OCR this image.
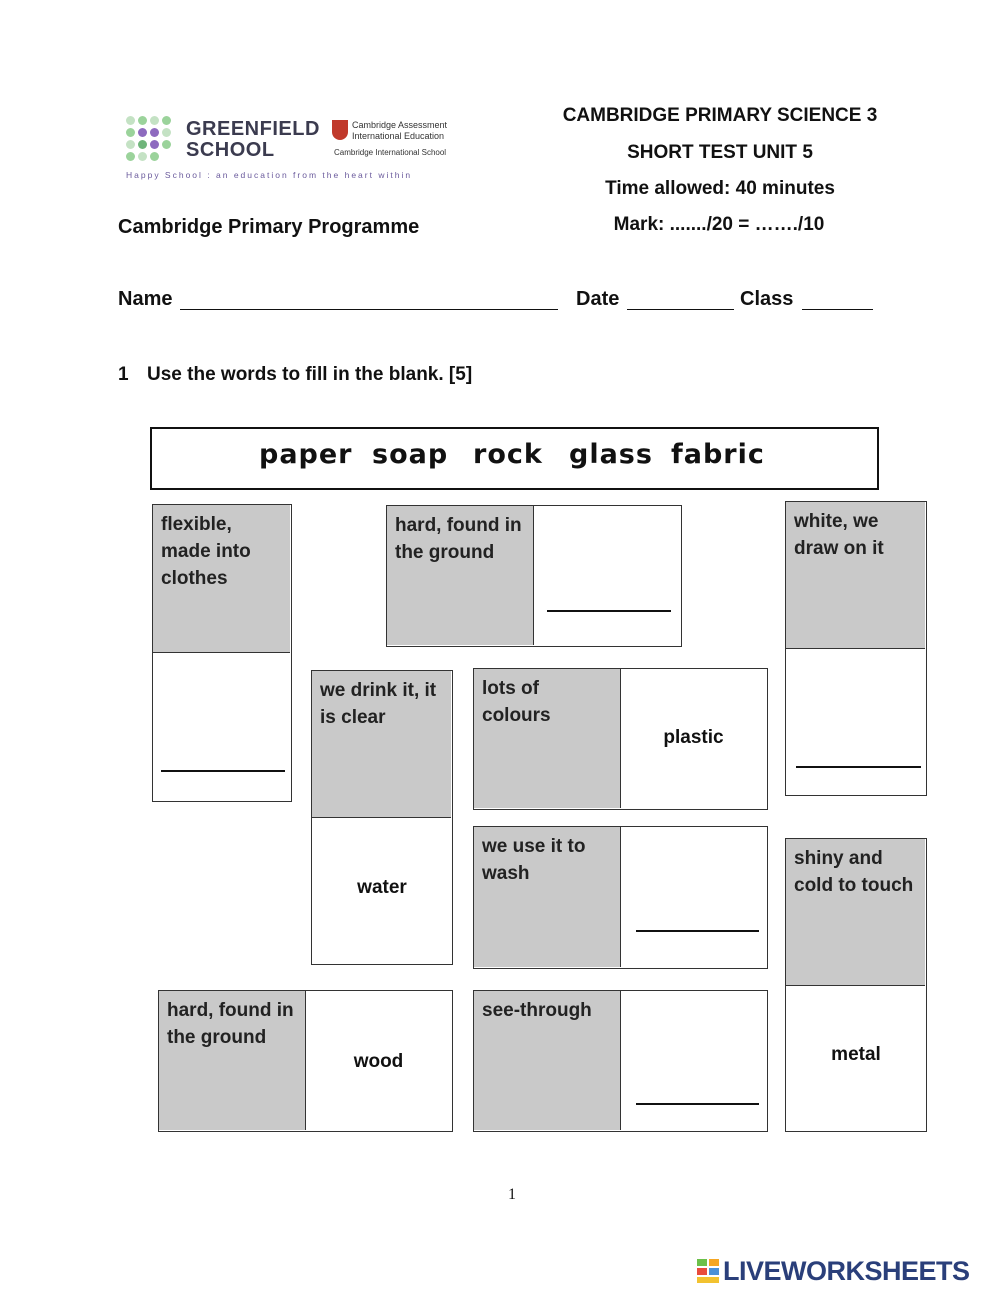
GREENFIELD
SCHOOL
Cambridge Assessment
International Education
Cambridge International School
Happy School : an education from the heart within
CAMBRIDGE PRIMARY SCIENCE 3
SHORT TEST UNIT 5
Time allowed: 40 minutes
Mark: ......./20 = ……./10
Cambridge Primary Programme
Name	Date	Class
1 Use the words to fill in the blank. [5]
paper soap rock glass fabric
flexible, made into clothes
hard, found in the ground
white, we draw on it
we drink it, it is clear
water
lots of colours
plastic
we use it to wash
shiny and cold to touch
metal
hard, found in the ground
wood
see-through
1
LIVEWORKSHEETS
